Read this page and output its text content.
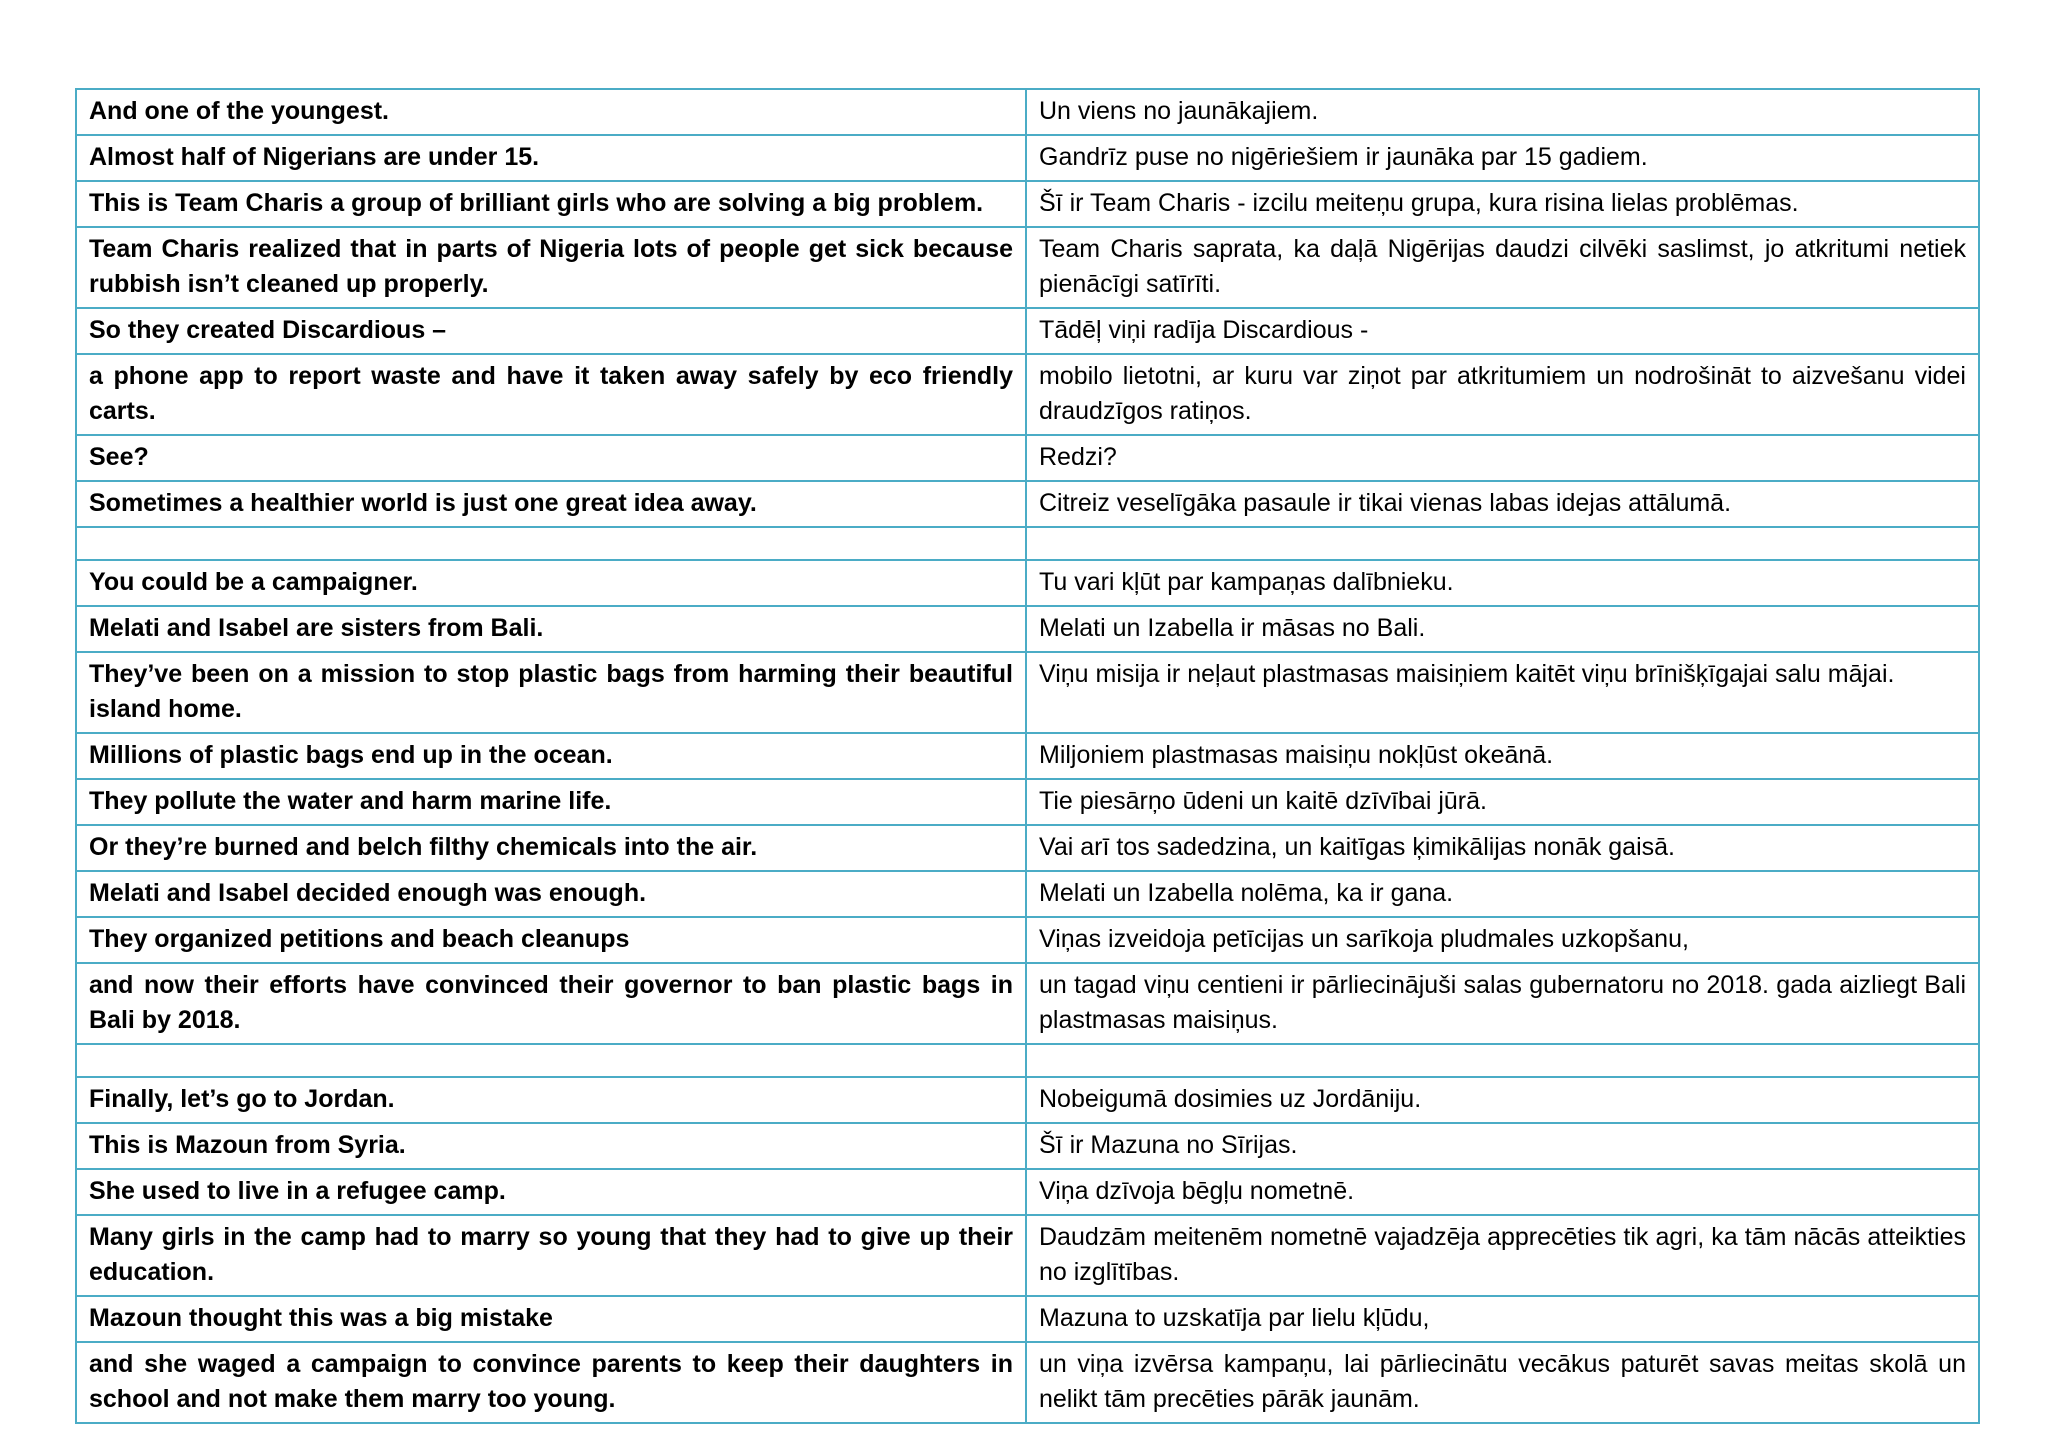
And one of the youngest.	Un viens no jaunākajiem.
Almost half of Nigerians are under 15.	Gandrīz puse no nigēriešiem ir jaunāka par 15 gadiem.
This is Team Charis a group of brilliant girls who are solving a big problem.	Šī ir Team Charis - izcilu meiteņu grupa, kura risina lielas problēmas.
Team Charis realized that in parts of Nigeria lots of people get sick because rubbish isn’t cleaned up properly.	Team Charis saprata, ka daļā Nigērijas daudzi cilvēki saslimst, jo atkritumi netiek pienācīgi satīrīti.
So they created Discardious –	Tādēļ viņi radīja Discardious -
a phone app to report waste and have it taken away safely by eco friendly carts.	mobilo lietotni, ar kuru var ziņot par atkritumiem un nodrošināt to aizvešanu videi draudzīgos ratiņos.
See?	Redzi?
Sometimes a healthier world is just one great idea away.	Citreiz veselīgāka pasaule ir tikai vienas labas idejas attālumā.

You could be a campaigner.	Tu vari kļūt par kampaņas dalībnieku.
Melati and Isabel are sisters from Bali.	Melati un Izabella ir māsas no Bali.
They’ve been on a mission to stop plastic bags from harming their beautiful island home.	Viņu misija ir neļaut plastmasas maisiņiem kaitēt viņu brīnišķīgajai salu mājai.
Millions of plastic bags end up in the ocean.	Miljoniem plastmasas maisiņu nokļūst okeānā.
They pollute the water and harm marine life.	Tie piesārņo ūdeni un kaitē dzīvībai jūrā.
Or they’re burned and belch filthy chemicals into the air.	Vai arī tos sadedzina, un kaitīgas ķimikālijas nonāk gaisā.
Melati and Isabel decided enough was enough.	Melati un Izabella nolēma, ka ir gana.
They organized petitions and beach cleanups	Viņas izveidoja petīcijas un sarīkoja pludmales uzkopšanu,
and now their efforts have convinced their governor to ban plastic bags in Bali by 2018.	un tagad viņu centieni ir pārliecinājuši salas gubernatoru no 2018. gada aizliegt Bali plastmasas maisiņus.

Finally, let’s go to Jordan.	Nobeigumā dosimies uz Jordāniju.
This is Mazoun from Syria.	Šī ir Mazuna no Sīrijas.
She used to live in a refugee camp.	Viņa dzīvoja bēgļu nometnē.
Many girls in the camp had to marry so young that they had to give up their education.	Daudzām meitenēm nometnē vajadzēja apprecēties tik agri, ka tām nācās atteikties no izglītības.
Mazoun thought this was a big mistake	Mazuna to uzskatīja par lielu kļūdu,
and she waged a campaign to convince parents to keep their daughters in school and not make them marry too young.	un viņa izvērsa kampaņu, lai pārliecinātu vecākus paturēt savas meitas skolā un nelikt tām precēties pārāk jaunām.
